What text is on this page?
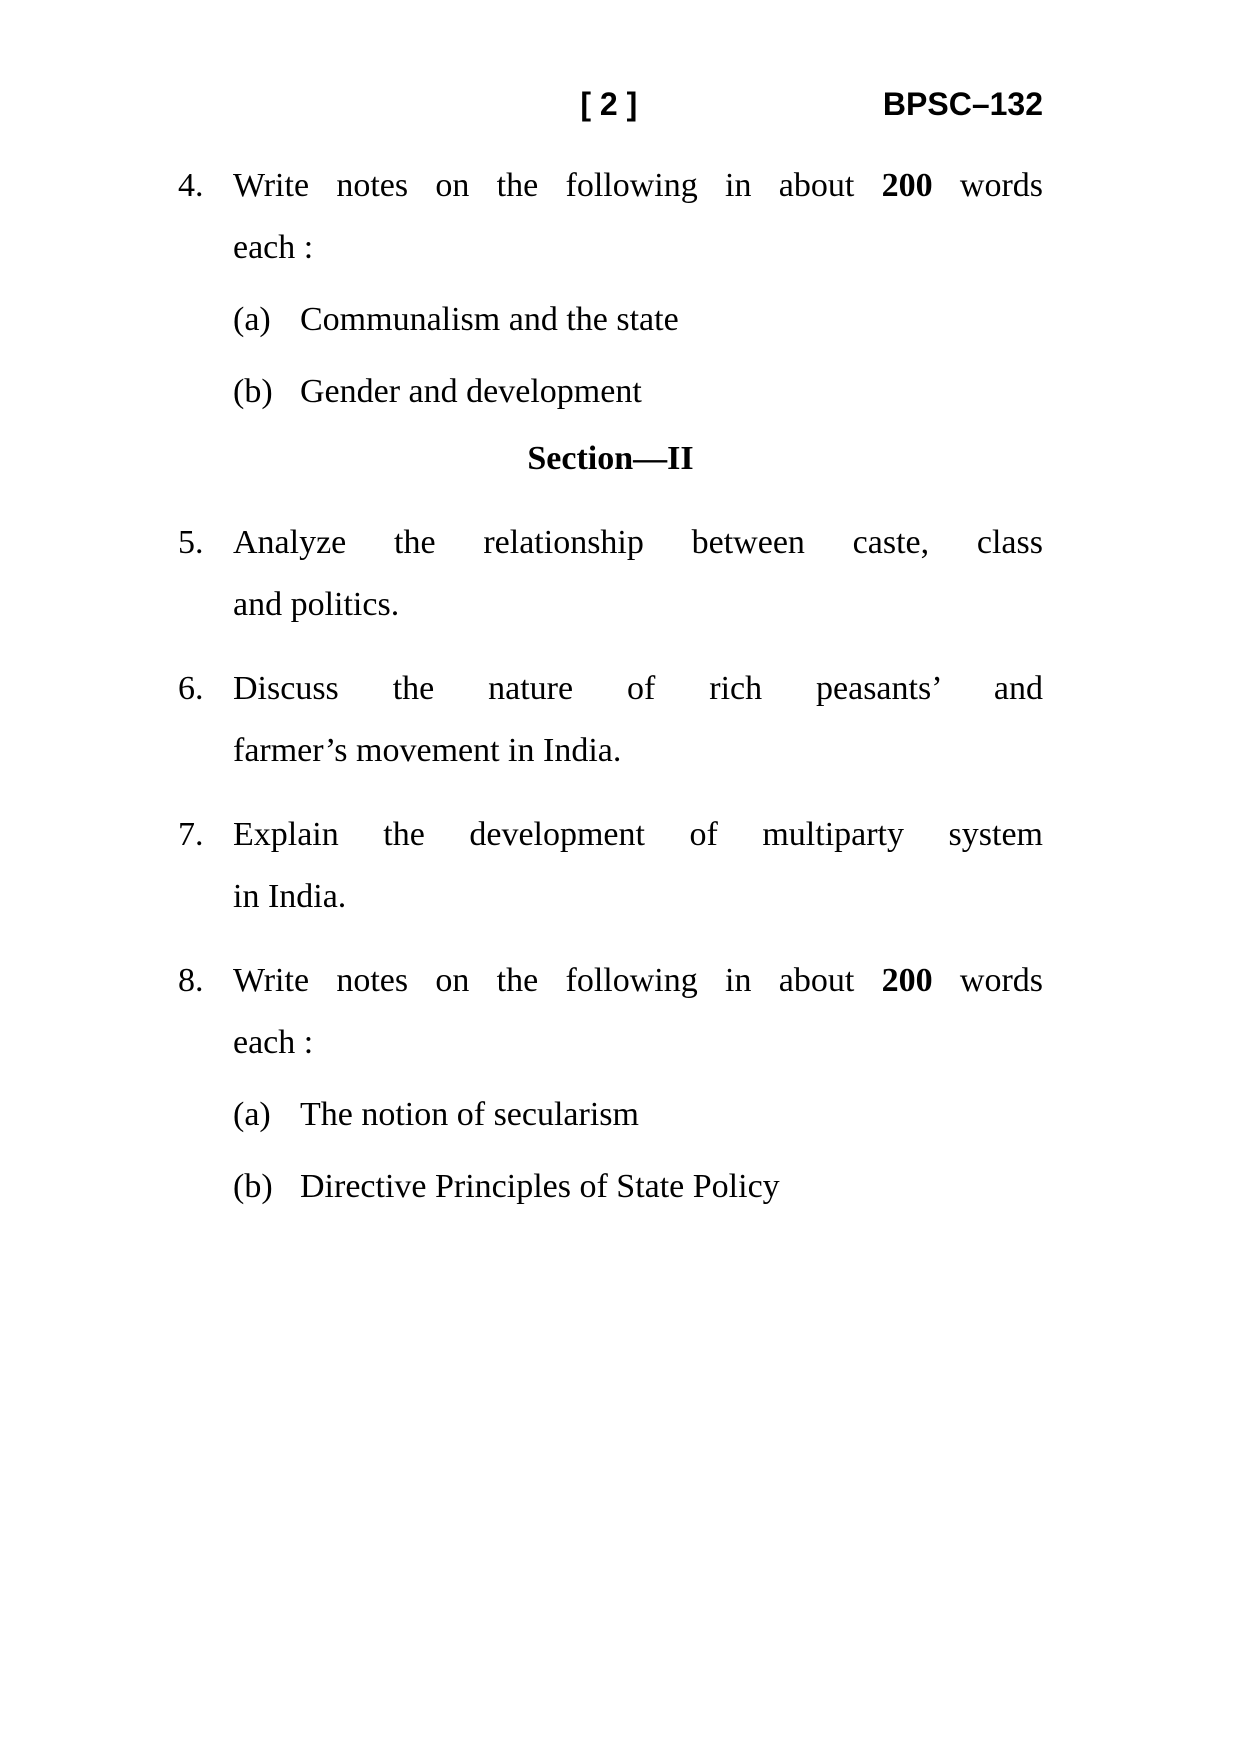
[ 2 ]	BPSC–132
4. Write notes on the following in about 200 words
each :
(a) Communalism and the state
(b) Gender and development
Section—II
5. Analyze the relationship between caste, class
and politics.
6. Discuss the nature of rich peasants’ and
farmer’s movement in India.
7. Explain the development of multiparty system
in India.
8. Write notes on the following in about 200 words
each :
(a) The notion of secularism
(b) Directive Principles of State Policy
